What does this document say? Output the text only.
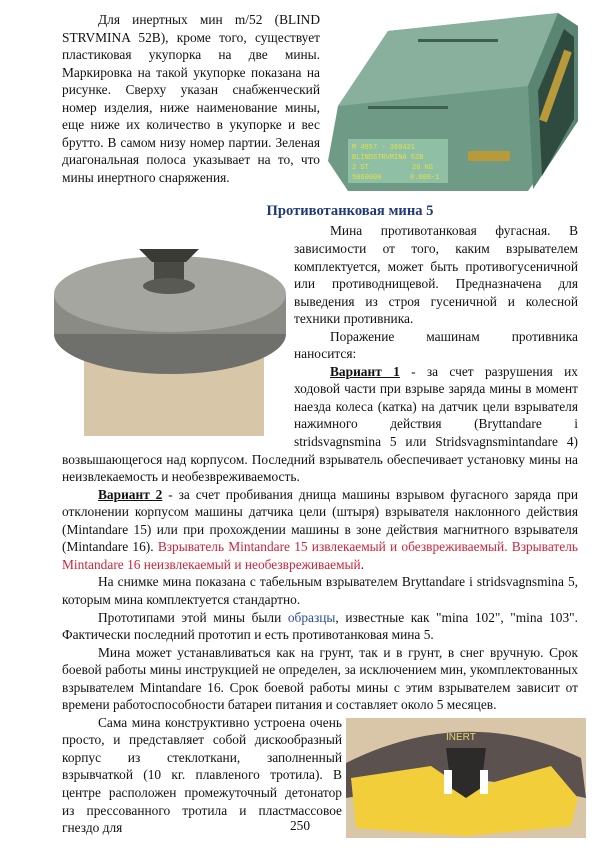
M 4957 - 369421
BLINDSTRVMINA 52B
2 ST	20 KG
5060000	0.000-1

Для инертных мин m/52 (BLIND STRVMINA 52B), кроме того, существует пластиковая укупорка на две мины. Маркировка на такой укупорке показана на рисунке. Сверху указан снабженческий номер изделия, ниже наименование мины, еще ниже их количество в укупорке и вес брутто. В самом низу номер партии. Зеленая диагональная полоса указывает на то, что мины инертного снаряжения.

Противотанковая мина 5

Мина противотанковая фугасная. В зависимости от того, каким взрывателем комплектуется, может быть противогусеничной или противоднищевой. Предназначена для выведения из строя гусеничной и колесной техники противника.

Поражение машинам противника наносится:

Вариант 1 - за счет разрушения их ходовой части при взрыве заряда мины в момент наезда колеса (катка) на датчик цели взрывателя нажимного действия (Bryttandare i stridsvagnsmina 5 или Stridsvagnsmintandare 4) возвышающегося над корпусом. Последний взрыватель обеспечивает установку мины на неизвлекаемость и необезвреживаемость.

Вариант 2 - за счет пробивания днища машины взрывом фугасного заряда при отклонении корпусом машины датчика цели (штыря) взрывателя наклонного действия (Mintandare 15) или при прохождении машины в зоне действия магнитного взрывателя (Mintandare 16). Взрыватель Mintandare 15 извлекаемый и обезвреживаемый. Взрыватель Mintandare 16 неизвлекаемый и необезвреживаемый.

На снимке мина показана с табельным взрывателем Bryttandare i stridsvagnsmina 5, которым мина комплектуется стандартно.

Прототипами этой мины были образцы, известные как "mina 102", "mina 103". Фактически последний прототип и есть противотанковая мина 5.

Мина может устанавливаться как на грунт, так и в грунт, в снег вручную. Срок боевой работы мины инструкцией не определен, за исключением мин, укомплектованных взрывателем Mintandare 16. Срок боевой работы мины с этим взрывателем зависит от времени работоспособности батареи питания и составляет около 5 месяцев.

INERT

Сама мина конструктивно устроена очень просто, и представляет собой дискообразный корпус из стеклоткани, заполненный взрывчаткой (10 кг. плавленого тротила). В центре расположен промежуточный детонатор из прессованного тротила и пластмассовое гнездо для	250
